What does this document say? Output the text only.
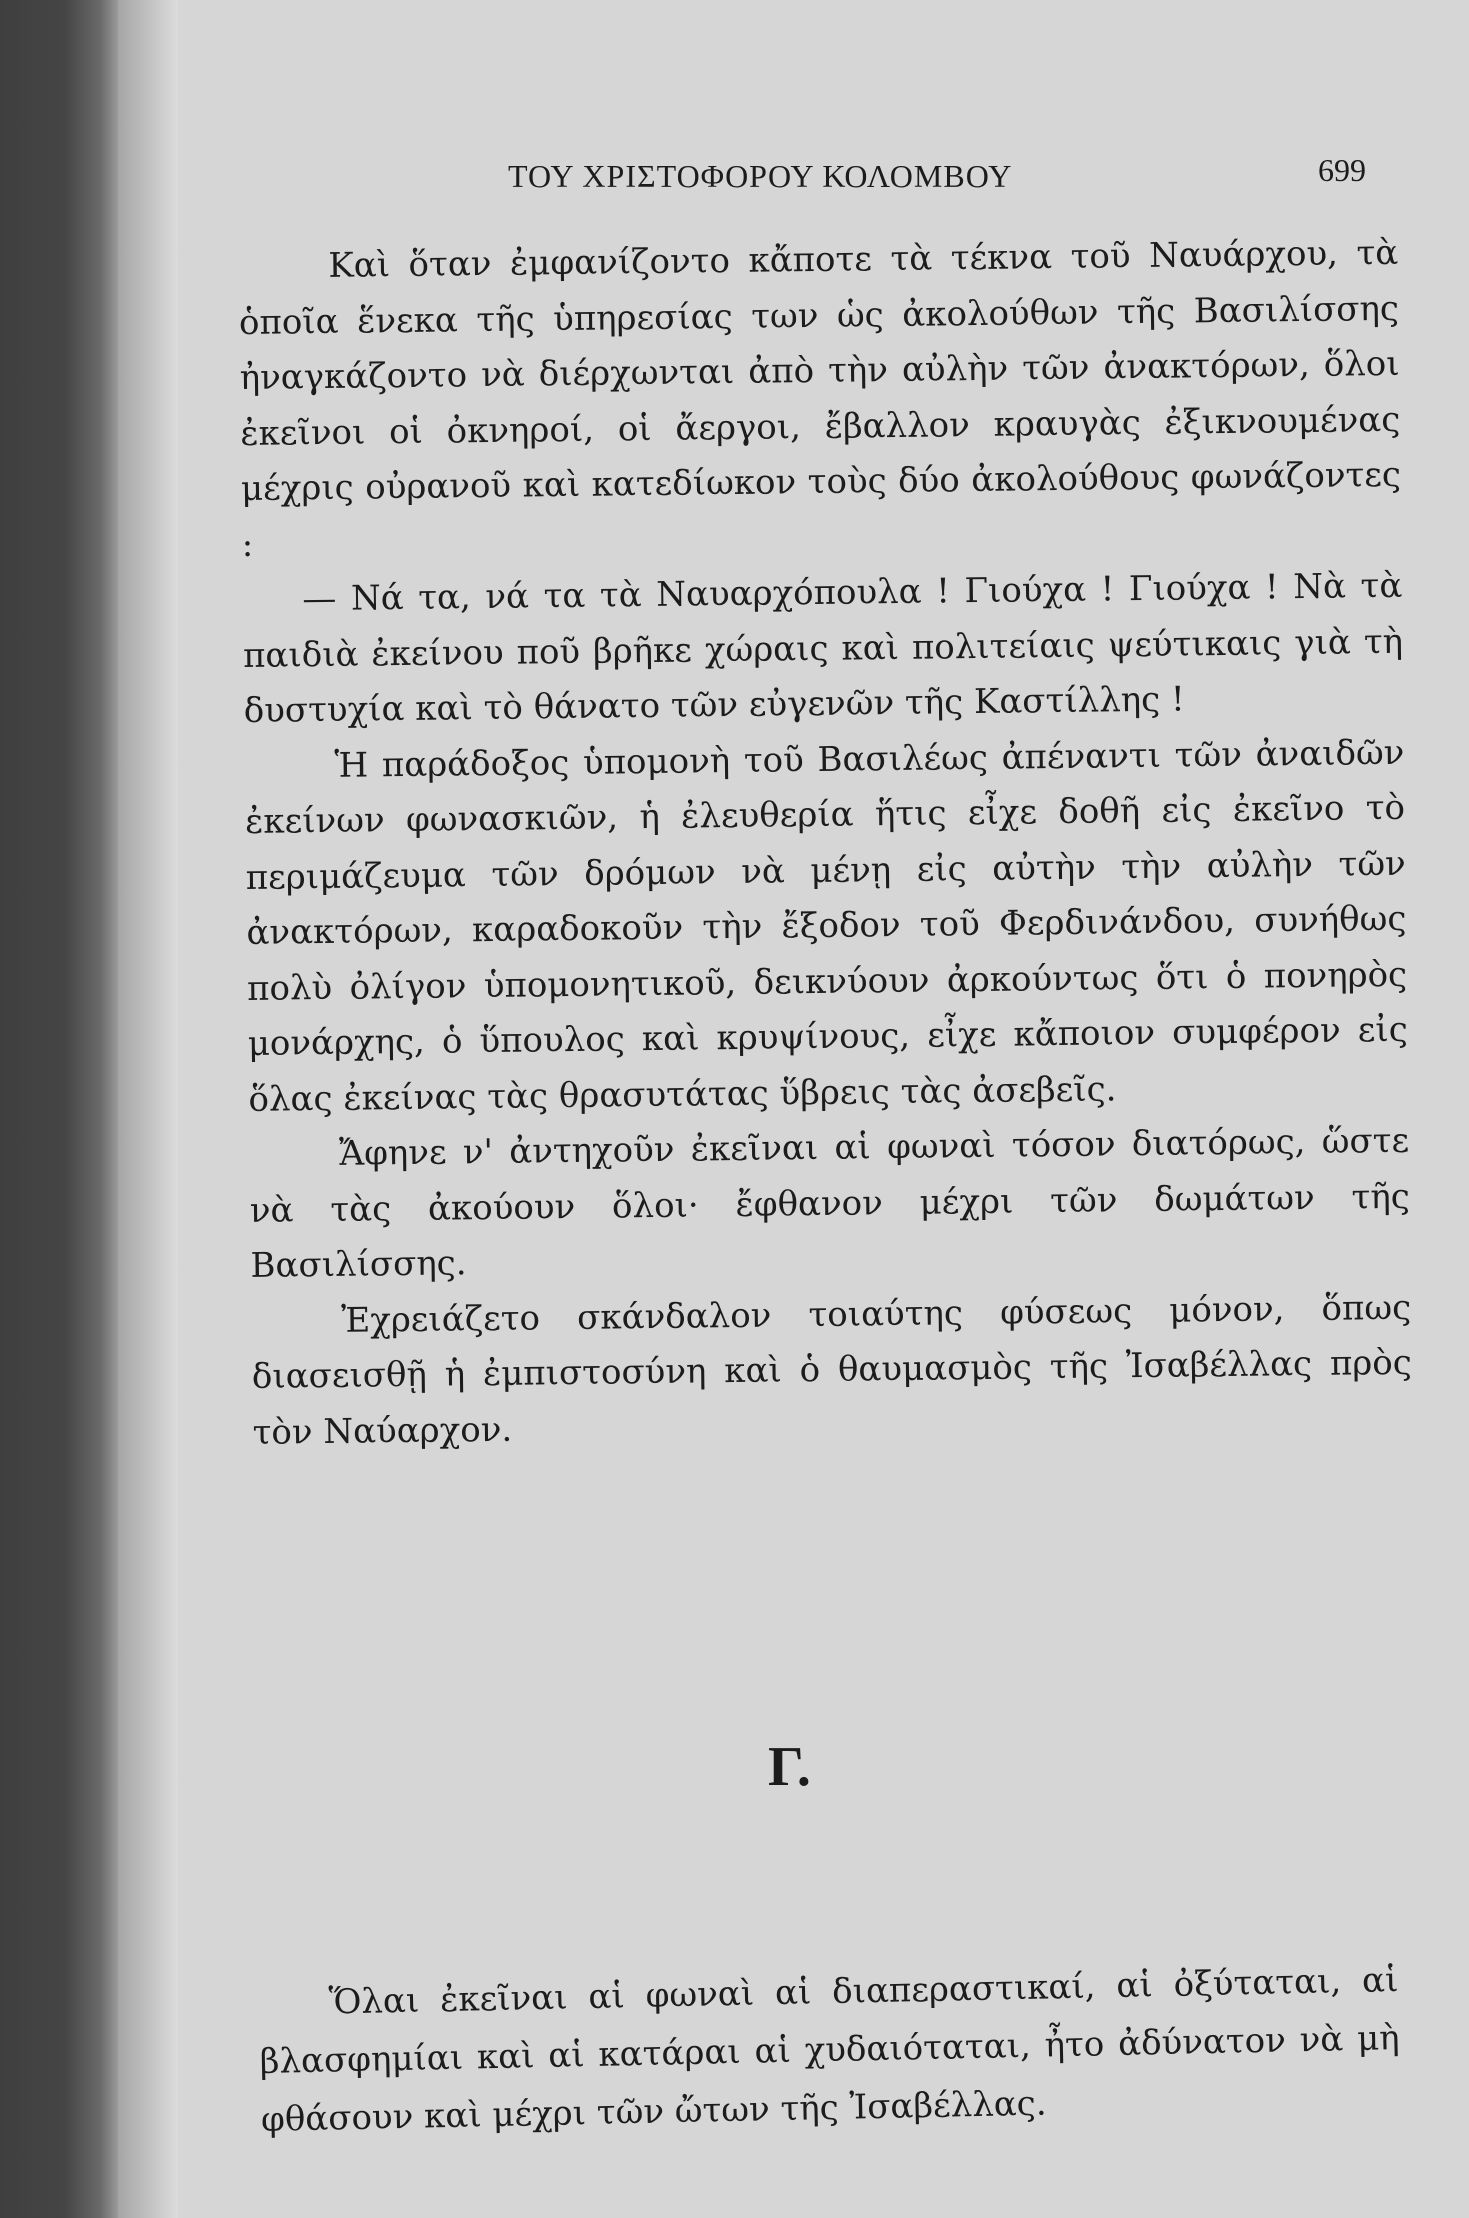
ΤΟΥ ΧΡΙΣΤΟΦΟΡΟΥ ΚΟΛΟΜΒΟΥ	699

Καὶ ὅταν ἐμφανίζοντο κἄποτε τὰ τέκνα τοῦ Ναυάρχου, τὰ ὁποῖα ἕνεκα τῆς ὑπηρεσίας των ὡς ἀκολούθων τῆς Βασιλίσσης ἠναγκάζοντο νὰ διέρχωνται ἀπὸ τὴν αὐλὴν τῶν ἀνακτόρων, ὅλοι ἐκεῖνοι οἱ ὀκνηροί, οἱ ἄεργοι, ἔβαλλον κραυγὰς ἐξικνουμένας μέχρις οὐρανοῦ καὶ κατεδίωκον τοὺς δύο ἀκολούθους φωνάζοντες :

— Νά τα, νά τα τὰ Ναυαρχόπουλα ! Γιούχα ! Γιούχα ! Νὰ τὰ παιδιὰ ἐκείνου ποῦ βρῆκε χώραις καὶ πολιτείαις ψεύτικαις γιὰ τὴ δυστυχία καὶ τὸ θάνατο τῶν εὐγενῶν τῆς Καστίλλης !

Ἡ παράδοξος ὑπομονὴ τοῦ Βασιλέως ἀπέναντι τῶν ἀναιδῶν ἐκείνων φωνασκιῶν, ἡ ἐλευθερία ἥτις εἶχε δοθῆ εἰς ἐκεῖνο τὸ περιμάζευμα τῶν δρόμων νὰ μένῃ εἰς αὐτὴν τὴν αὐλὴν τῶν ἀνακτόρων, καραδοκοῦν τὴν ἔξοδον τοῦ Φερδινάνδου, συνήθως πολὺ ὀλίγον ὑπομονητικοῦ, δεικνύουν ἀρκούντως ὅτι ὁ πονηρὸς μονάρχης, ὁ ὕπουλος καὶ κρυψίνους, εἶχε κἄποιον συμφέρον εἰς ὅλας ἐκείνας τὰς θρασυτάτας ὕβρεις τὰς ἀσεβεῖς.

Ἄφηνε ν' ἀντηχοῦν ἐκεῖναι αἱ φωναὶ τόσον διατόρως, ὥστε νὰ τὰς ἀκούουν ὅλοι· ἔφθανον μέχρι τῶν δωμάτων τῆς Βασιλίσσης.

Ἐχρειάζετο σκάνδαλον τοιαύτης φύσεως μόνον, ὅπως διασεισθῇ ἡ ἐμπιστοσύνη καὶ ὁ θαυμασμὸς τῆς Ἰσαβέλλας πρὸς τὸν Ναύαρχον.

Γ.

Ὅλαι ἐκεῖναι αἱ φωναὶ αἱ διαπεραστικαί, αἱ ὀξύταται, αἱ βλασφημίαι καὶ αἱ κατάραι αἱ χυδαιόταται, ἦτο ἀδύνατον νὰ μὴ φθάσουν καὶ μέχρι τῶν ὤτων τῆς Ἰσαβέλλας.
